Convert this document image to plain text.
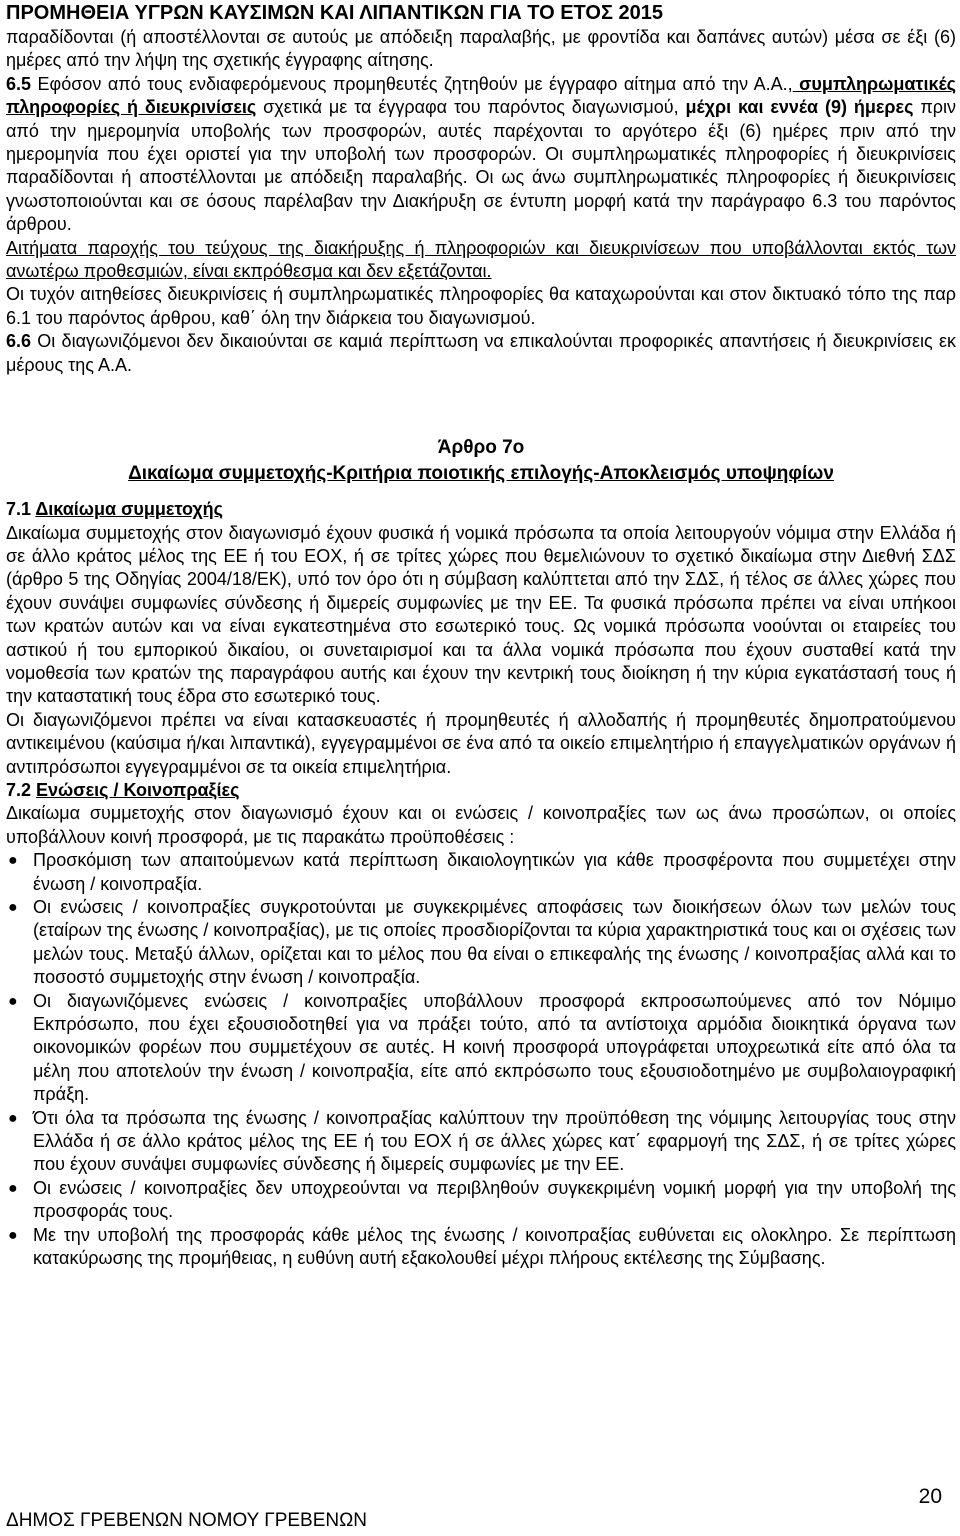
ΠΡΟΜΗΘΕΙΑ ΥΓΡΩΝ ΚΑΥΣΙΜΩΝ ΚΑΙ ΛΙΠΑΝΤΙΚΩΝ ΓΙΑ ΤΟ ΕΤΟΣ 2015

παραδίδονται (ή αποστέλλονται σε αυτούς με απόδειξη παραλαβής, με φροντίδα και δαπάνες αυτών) μέσα σε έξι (6) ημέρες από την λήψη της σχετικής έγγραφης αίτησης.

6.5 Εφόσον από τους ενδιαφερόμενους προμηθευτές ζητηθούν με έγγραφο αίτημα από την Α.Α., συμπληρωματικές πληροφορίες ή διευκρινίσεις σχετικά με τα έγγραφα του παρόντος διαγωνισμού, μέχρι και εννέα (9) ήμερες πριν από την ημερομηνία υποβολής των προσφορών, αυτές παρέχονται το αργότερο έξι (6) ημέρες πριν από την ημερομηνία που έχει οριστεί για την υποβολή των προσφορών. Οι συμπληρωματικές πληροφορίες ή διευκρινίσεις παραδίδονται ή αποστέλλονται με απόδειξη παραλαβής. Οι ως άνω συμπληρωματικές πληροφορίες ή διευκρινίσεις γνωστοποιούνται και σε όσους παρέλαβαν την Διακήρυξη σε έντυπη μορφή κατά την παράγραφο 6.3 του παρόντος άρθρου.

Αιτήματα παροχής του τεύχους της διακήρυξης ή πληροφοριών και διευκρινίσεων που υποβάλλονται εκτός των ανωτέρω προθεσμιών, είναι εκπρόθεσμα και δεν εξετάζονται.

Οι τυχόν αιτηθείσες διευκρινίσεις ή συμπληρωματικές πληροφορίες θα καταχωρούνται και στον δικτυακό τόπο της παρ 6.1 του παρόντος άρθρου, καθ΄ όλη την διάρκεια του διαγωνισμού.

6.6 Οι διαγωνιζόμενοι δεν δικαιούνται σε καμιά περίπτωση να επικαλούνται προφορικές απαντήσεις ή διευκρινίσεις εκ μέρους της Α.Α.

Άρθρο 7ο
Δικαίωμα συμμετοχής-Κριτήρια ποιοτικής επιλογής-Αποκλεισμός υποψηφίων

7.1 Δικαίωμα συμμετοχής

Δικαίωμα συμμετοχής στον διαγωνισμό έχουν φυσικά ή νομικά πρόσωπα τα οποία λειτουργούν νόμιμα στην Ελλάδα ή σε άλλο κράτος μέλος της ΕΕ ή του ΕΟΧ, ή σε τρίτες χώρες που θεμελιώνουν το σχετικό δικαίωμα στην Διεθνή ΣΔΣ (άρθρο 5 της Οδηγίας 2004/18/ΕΚ), υπό τον όρο ότι η σύμβαση καλύπτεται από την ΣΔΣ, ή τέλος σε άλλες χώρες που έχουν συνάψει συμφωνίες σύνδεσης ή διμερείς συμφωνίες με την ΕΕ. Τα φυσικά πρόσωπα πρέπει να είναι υπήκοοι των κρατών αυτών και να είναι εγκατεστημένα στο εσωτερικό τους. Ως νομικά πρόσωπα νοούνται οι εταιρείες του αστικού ή του εμπορικού δικαίου, οι συνεταιρισμοί και τα άλλα νομικά πρόσωπα που έχουν συσταθεί κατά την νομοθεσία των κρατών της παραγράφου αυτής και έχουν την κεντρική τους διοίκηση ή την κύρια εγκατάστασή τους ή την καταστατική τους έδρα στο εσωτερικό τους.

Οι διαγωνιζόμενοι πρέπει να είναι κατασκευαστές ή προμηθευτές ή αλλοδαπής ή προμηθευτές δημοπρατούμενου αντικειμένου (καύσιμα ή/και λιπαντικά), εγγεγραμμένοι σε ένα από τα οικείο επιμελητήριο ή επαγγελματικών οργάνων ή αντιπρόσωποι εγγεγραμμένοι σε τα οικεία επιμελητήρια.

7.2 Ενώσεις / Κοινοπραξίες

Δικαίωμα συμμετοχής στον διαγωνισμό έχουν και οι ενώσεις / κοινοπραξίες των ως άνω προσώπων, οι οποίες υποβάλλουν κοινή προσφορά, με τις παρακάτω προϋποθέσεις :

● Προσκόμιση των απαιτούμενων κατά περίπτωση δικαιολογητικών για κάθε προσφέροντα που συμμετέχει στην ένωση / κοινοπραξία.
● Οι ενώσεις / κοινοπραξίες συγκροτούνται με συγκεκριμένες αποφάσεις των διοικήσεων όλων των μελών τους (εταίρων της ένωσης / κοινοπραξίας), με τις οποίες προσδιορίζονται τα κύρια χαρακτηριστικά τους και οι σχέσεις των μελών τους. Μεταξύ άλλων, ορίζεται και το μέλος που θα είναι ο επικεφαλής της ένωσης / κοινοπραξίας αλλά και το ποσοστό συμμετοχής στην ένωση / κοινοπραξία.
● Οι διαγωνιζόμενες ενώσεις / κοινοπραξίες υποβάλλουν προσφορά εκπροσωπούμενες από τον Νόμιμο Εκπρόσωπο, που έχει εξουσιοδοτηθεί για να πράξει τούτο, από τα αντίστοιχα αρμόδια διοικητικά όργανα των οικονομικών φορέων που συμμετέχουν σε αυτές. Η κοινή προσφορά υπογράφεται υποχρεωτικά είτε από όλα τα μέλη που αποτελούν την ένωση / κοινοπραξία, είτε από εκπρόσωπο τους εξουσιοδοτημένο με συμβολαιογραφική πράξη.
● Ότι όλα τα πρόσωπα της ένωσης / κοινοπραξίας καλύπτουν την προϋπόθεση της νόμιμης λειτουργίας τους στην Ελλάδα ή σε άλλο κράτος μέλος της ΕΕ ή του ΕΟΧ ή σε άλλες χώρες κατ΄ εφαρμογή της ΣΔΣ, ή σε τρίτες χώρες που έχουν συνάψει συμφωνίες σύνδεσης ή διμερείς συμφωνίες με την ΕΕ.
● Οι ενώσεις / κοινοπραξίες δεν υποχρεούνται να περιβληθούν συγκεκριμένη νομική μορφή για την υποβολή της προσφοράς τους.
● Με την υποβολή της προσφοράς κάθε μέλος της ένωσης / κοινοπραξίας ευθύνεται εις ολοκληρο. Σε περίπτωση κατακύρωσης της προμήθειας, η ευθύνη αυτή εξακολουθεί μέχρι πλήρους εκτέλεσης της Σύμβασης.
20
ΔΗΜΟΣ ΓΡΕΒΕΝΩΝ ΝΟΜΟΥ ΓΡΕΒΕΝΩΝ
